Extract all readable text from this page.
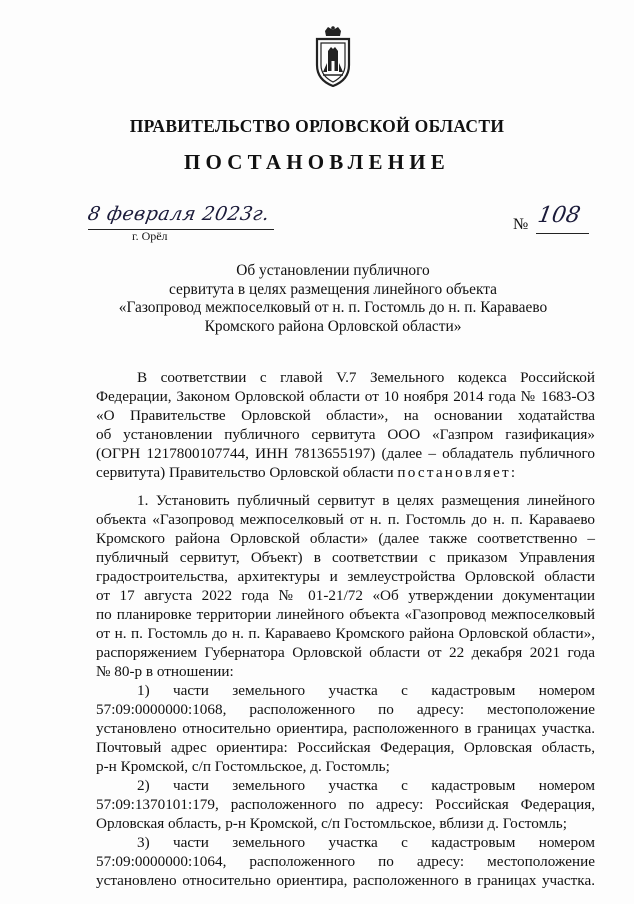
ПРАВИТЕЛЬСТВО ОРЛОВСКОЙ ОБЛАСТИ
ПОСТАНОВЛЕНИЕ
8 февраля 2023г.
г. Орёл
№ 108
Об установлении публичного
сервитута в целях размещения линейного объекта
«Газопровод межпоселковый от н. п. Гостомль до н. п. Караваево
Кромского района Орловской области»
В соответствии с главой V.7 Земельного кодекса Российской
Федерации, Законом Орловской области от 10 ноября 2014 года № 1683-ОЗ
«О Правительстве Орловской области», на основании ходатайства
об установлении публичного сервитута ООО «Газпром газификация»
(ОГРН 1217800107744, ИНН 7813655197) (далее – обладатель публичного
сервитута) Правительство Орловской области постановляет:
1. Установить публичный сервитут в целях размещения линейного
объекта «Газопровод межпоселковый от н. п. Гостомль до н. п. Караваево
Кромского района Орловской области» (далее также соответственно –
публичный сервитут, Объект) в соответствии с приказом Управления
градостроительства, архитектуры и землеустройства Орловской области
от 17 августа 2022 года № 01-21/72 «Об утверждении документации
по планировке территории линейного объекта «Газопровод межпоселковый
от н. п. Гостомль до н. п. Караваево Кромского района Орловской области»,
распоряжением Губернатора Орловской области от 22 декабря 2021 года
№ 80-р в отношении:
1) части земельного участка с кадастровым номером
57:09:0000000:1068, расположенного по адресу: местоположение
установлено относительно ориентира, расположенного в границах участка.
Почтовый адрес ориентира: Российская Федерация, Орловская область,
р-н Кромской, с/п Гостомльское, д. Гостомль;
2) части земельного участка с кадастровым номером
57:09:1370101:179, расположенного по адресу: Российская Федерация,
Орловская область, р-н Кромской, с/п Гостомльское, вблизи д. Гостомль;
3) части земельного участка с кадастровым номером
57:09:0000000:1064, расположенного по адресу: местоположение
установлено относительно ориентира, расположенного в границах участка.
